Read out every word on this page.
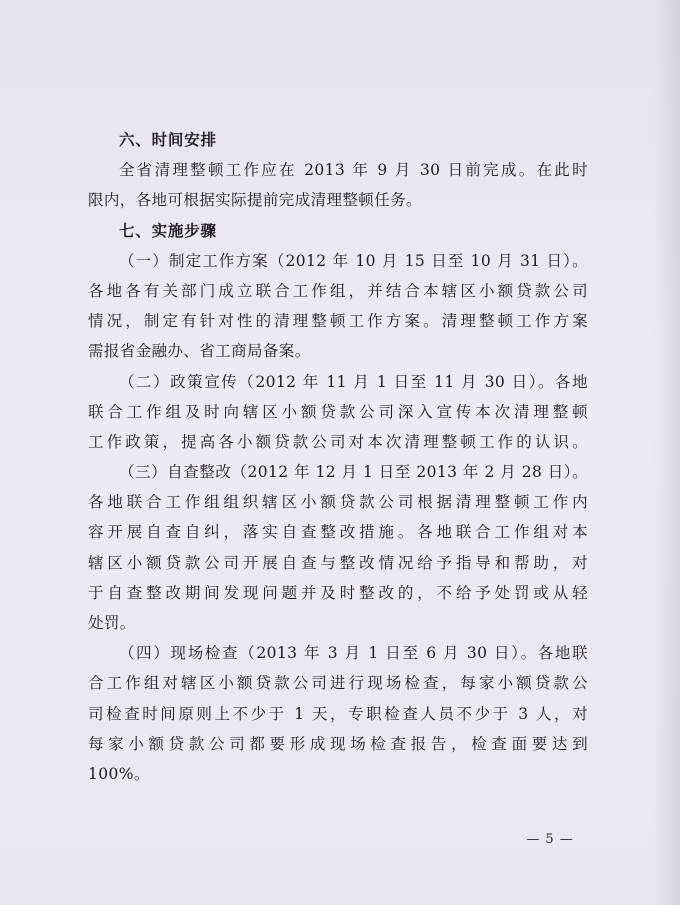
六、时间安排

全省清理整顿工作应在 2013 年 9 月 30 日前完成。在此时

限内，各地可根据实际提前完成清理整顿任务。

七、实施步骤

（一）制定工作方案（2012 年 10 月 15 日至 10 月 31 日）。

各地各有关部门成立联合工作组，并结合本辖区小额贷款公司

情况，制定有针对性的清理整顿工作方案。清理整顿工作方案

需报省金融办、省工商局备案。

（二）政策宣传（2012 年 11 月 1 日至 11 月 30 日）。各地

联合工作组及时向辖区小额贷款公司深入宣传本次清理整顿

工作政策，提高各小额贷款公司对本次清理整顿工作的认识。

（三）自查整改（2012 年 12 月 1 日至 2013 年 2 月 28 日）。

各地联合工作组组织辖区小额贷款公司根据清理整顿工作内

容开展自查自纠，落实自查整改措施。各地联合工作组对本

辖区小额贷款公司开展自查与整改情况给予指导和帮助，对

于自查整改期间发现问题并及时整改的，不给予处罚或从轻

处罚。

（四）现场检查（2013 年 3 月 1 日至 6 月 30 日）。各地联

合工作组对辖区小额贷款公司进行现场检查，每家小额贷款公

司检查时间原则上不少于 1 天，专职检查人员不少于 3 人，对

每家小额贷款公司都要形成现场检查报告，检查面要达到

100%。

— 5 —
